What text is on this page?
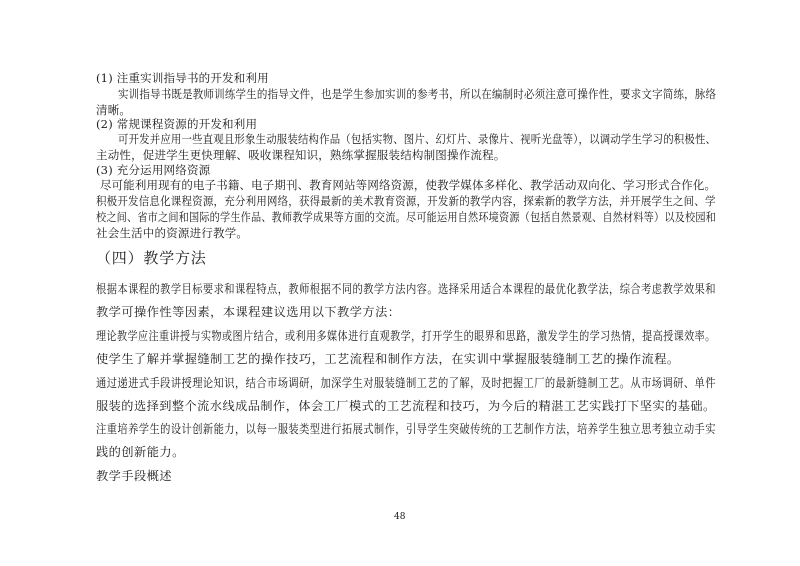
(1) 注重实训指导书的开发和利用
实训指导书既是教师训练学生的指导文件，也是学生参加实训的参考书，所以在编制时必须注意可操作性，要求文字简练，脉络
清晰。
(2) 常规课程资源的开发和利用
可开发并应用一些直观且形象生动服装结构作品（包括实物、图片、幻灯片、录像片、视听光盘等），以调动学生学习的积极性、
主动性，促进学生更快理解、吸收课程知识，熟练掌握服装结构制图操作流程。
(3) 充分运用网络资源
尽可能利用现有的电子书籍、电子期刊、教育网站等网络资源，使教学媒体多样化、教学活动双向化、学习形式合作化。
积极开发信息化课程资源，充分利用网络，获得最新的美术教育资源，开发新的教学内容，探索新的教学方法，并开展学生之间、学
校之间、省市之间和国际的学生作品、教师教学成果等方面的交流。尽可能运用自然环境资源（包括自然景观、自然材料等）以及校园和
社会生活中的资源进行教学。
（四）教学方法
根据本课程的教学目标要求和课程特点，教师根据不同的教学方法内容。选择采用适合本课程的最优化教学法，综合考虑教学效果和
教学可操作性等因素，本课程建议选用以下教学方法：
理论教学应注重讲授与实物或图片结合，或利用多媒体进行直观教学，打开学生的眼界和思路，激发学生的学习热情，提高授课效率。
使学生了解并掌握缝制工艺的操作技巧，工艺流程和制作方法，在实训中掌握服装缝制工艺的操作流程。
通过递进式手段讲授理论知识，结合市场调研，加深学生对服装缝制工艺的了解，及时把握工厂的最新缝制工艺。从市场调研、单件
服装的选择到整个流水线成品制作，体会工厂模式的工艺流程和技巧，为今后的精湛工艺实践打下坚实的基础。
注重培养学生的设计创新能力，以每一服装类型进行拓展式制作，引导学生突破传统的工艺制作方法，培养学生独立思考独立动手实
践的创新能力。
教学手段概述
48
